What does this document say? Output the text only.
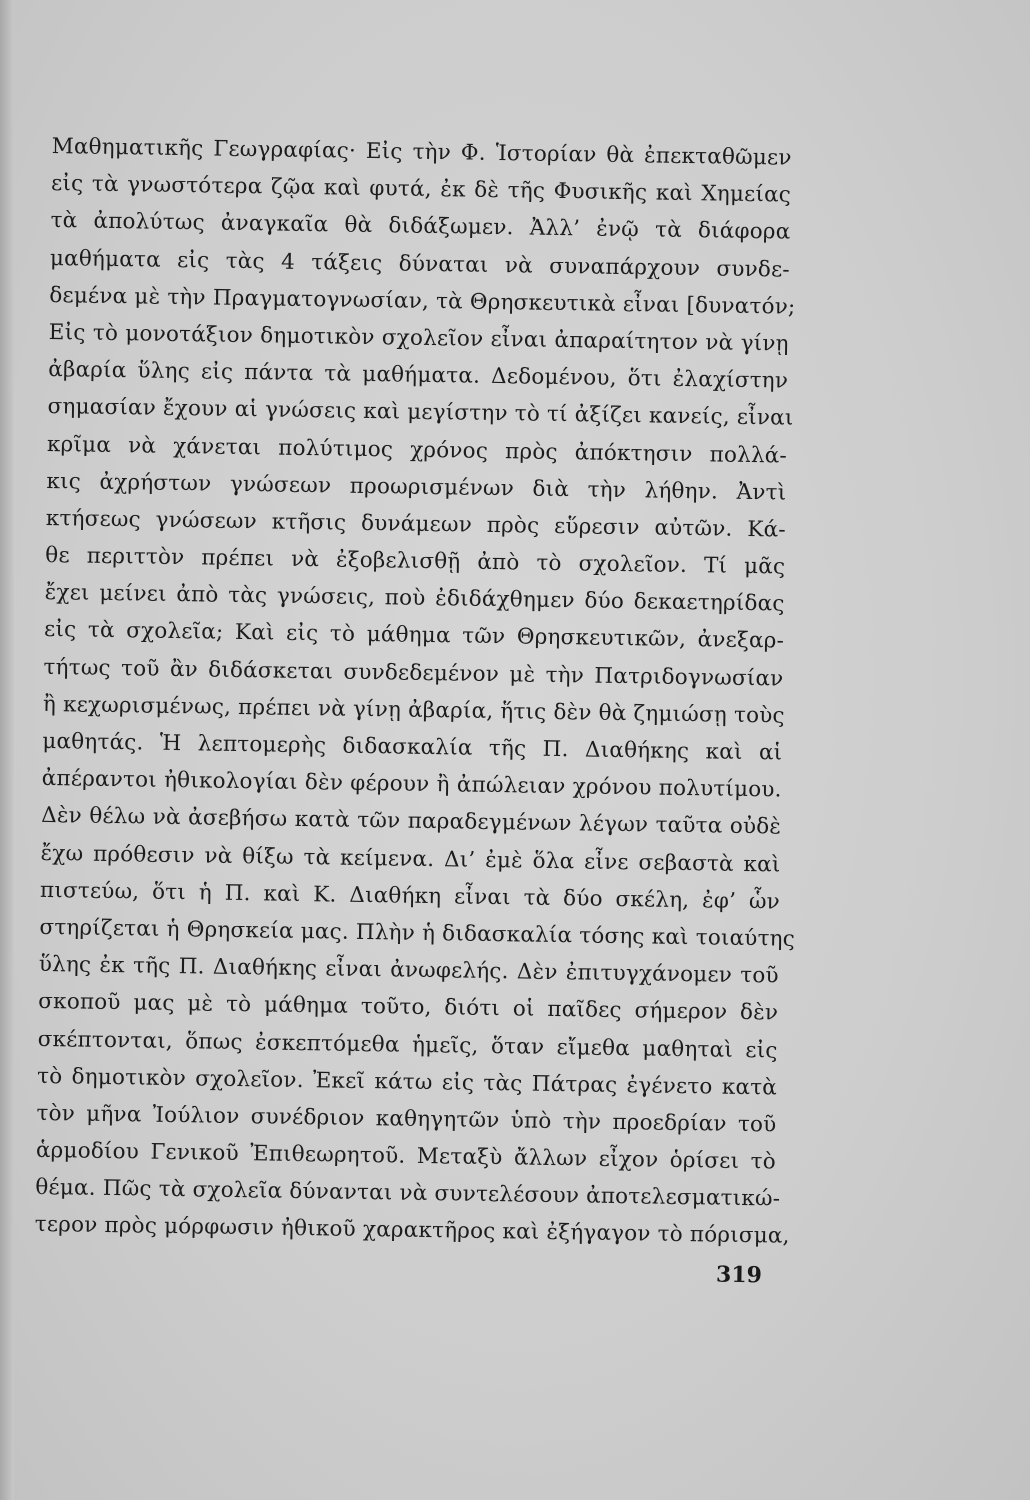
Μαθηματικῆς Γεωγραφίας· Εἰς τὴν Φ. Ἱστορίαν θὰ ἐπεκταθῶμεν
εἰς τὰ γνωστότερα ζῷα καὶ φυτά, ἐκ δὲ τῆς Φυσικῆς καὶ Χημείας
τὰ ἀπολύτως ἀναγκαῖα θὰ διδάξωμεν. Ἀλλ’ ἐνῷ τὰ διάφορα
μαθήματα εἰς τὰς 4 τάξεις δύναται νὰ συναπάρχουν συνδε-
δεμένα μὲ τὴν Πραγματογνωσίαν, τὰ Θρησκευτικὰ εἶναι [δυνατόν;
Εἰς τὸ μονοτάξιον δημοτικὸν σχολεῖον εἶναι ἀπαραίτητον νὰ γίνῃ
ἀβαρία ὕλης εἰς πάντα τὰ μαθήματα. Δεδομένου, ὅτι ἐλαχίστην
σημασίαν ἔχουν αἱ γνώσεις καὶ μεγίστην τὸ τί ἀξίζει κανείς, εἶναι
κρῖμα νὰ χάνεται πολύτιμος χρόνος πρὸς ἀπόκτησιν πολλά-
κις ἀχρήστων γνώσεων προωρισμένων διὰ τὴν λήθην. Ἀντὶ
κτήσεως γνώσεων κτῆσις δυνάμεων πρὸς εὕρεσιν αὐτῶν. Κά-
θε περιττὸν πρέπει νὰ ἐξοβελισθῇ ἀπὸ τὸ σχολεῖον. Τί μᾶς
ἔχει μείνει ἀπὸ τὰς γνώσεις, ποὺ ἐδιδάχθημεν δύο δεκαετηρίδας
εἰς τὰ σχολεῖα; Καὶ εἰς τὸ μάθημα τῶν Θρησκευτικῶν, ἀνεξαρ-
τήτως τοῦ ἂν διδάσκεται συνδεδεμένον μὲ τὴν Πατριδογνωσίαν
ἢ κεχωρισμένως, πρέπει νὰ γίνῃ ἀβαρία, ἥτις δὲν θὰ ζημιώσῃ τοὺς
μαθητάς. Ἡ λεπτομερὴς διδασκαλία τῆς Π. Διαθήκης καὶ αἱ
ἀπέραντοι ἠθικολογίαι δὲν φέρουν ἢ ἀπώλειαν χρόνου πολυτίμου.
Δὲν θέλω νὰ ἀσεβήσω κατὰ τῶν παραδεγμένων λέγων ταῦτα οὐδὲ
ἔχω πρόθεσιν νὰ θίξω τὰ κείμενα. Δι’ ἐμὲ ὅλα εἶνε σεβαστὰ καὶ
πιστεύω, ὅτι ἡ Π. καὶ Κ. Διαθήκη εἶναι τὰ δύο σκέλη, ἐφ’ ὧν
στηρίζεται ἡ Θρησκεία μας. Πλὴν ἡ διδασκαλία τόσης καὶ τοιαύτης
ὕλης ἐκ τῆς Π. Διαθήκης εἶναι ἀνωφελής. Δὲν ἐπιτυγχάνομεν τοῦ
σκοποῦ μας μὲ τὸ μάθημα τοῦτο, διότι οἱ παῖδες σήμερον δὲν
σκέπτονται, ὅπως ἐσκεπτόμεθα ἡμεῖς, ὅταν εἴμεθα μαθηταὶ εἰς
τὸ δημοτικὸν σχολεῖον. Ἐκεῖ κάτω εἰς τὰς Πάτρας ἐγένετο κατὰ
τὸν μῆνα Ἰούλιον συνέδριον καθηγητῶν ὑπὸ τὴν προεδρίαν τοῦ
ἁρμοδίου Γενικοῦ Ἐπιθεωρητοῦ. Μεταξὺ ἄλλων εἶχον ὁρίσει τὸ
θέμα. Πῶς τὰ σχολεῖα δύνανται νὰ συντελέσουν ἀποτελεσματικώ-
τερον πρὸς μόρφωσιν ἠθικοῦ χαρακτῆρος καὶ ἐξήγαγον τὸ πόρισμα,
319
